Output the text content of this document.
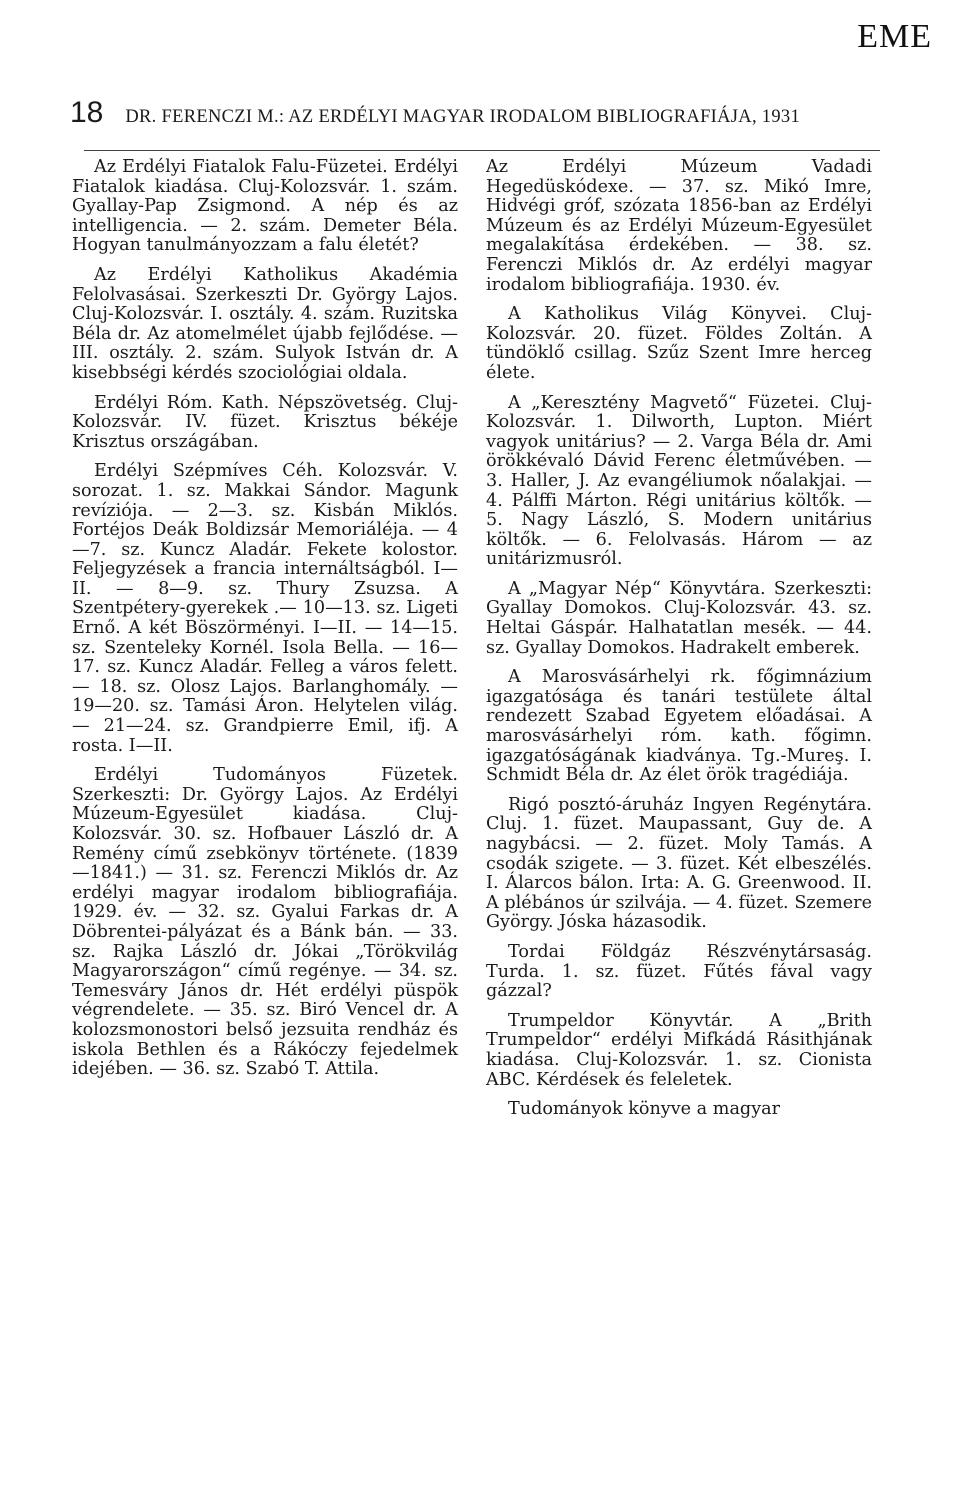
EME
18 DR. FERENCZI M.: AZ ERDÉLYI MAGYAR IRODALOM BIBLIOGRAFIÁJA, 1931

Az Erdélyi Fiatalok Falu-Füzetei. Erdélyi Fiatalok kiadása. Cluj-Kolozsvár. 1. szám. Gyallay-Pap Zsigmond. A nép és az intelligencia. — 2. szám. Demeter Béla. Hogyan tanulmányozzam a falu életét?

Az Erdélyi Katholikus Akadémia Felolvasásai. Szerkeszti Dr. György Lajos. Cluj-Kolozsvár. I. osztály. 4. szám. Ruzitska Béla dr. Az atomelmélet újabb fejlődése. — III. osztály. 2. szám. Sulyok István dr. A kisebbségi kérdés szociológiai oldala.

Erdélyi Róm. Kath. Népszövetség. Cluj-Kolozsvár. IV. füzet. Krisztus békéje Krisztus országában.

Erdélyi Szépmíves Céh. Kolozsvár. V. sorozat. 1. sz. Makkai Sándor. Magunk revíziója. — 2—3. sz. Kisbán Miklós. Fortéjos Deák Boldizsár Memoriáléja. — 4—7. sz. Kuncz Aladár. Fekete kolostor. Feljegyzések a francia internáltságból. I—II. — 8—9. sz. Thury Zsuzsa. A Szentpétery-gyerekek .— 10—13. sz. Ligeti Ernő. A két Böszörményi. I—II. — 14—15. sz. Szenteleky Kornél. Isola Bella. — 16—17. sz. Kuncz Aladár. Felleg a város felett. — 18. sz. Olosz Lajos. Barlanghomály. — 19—20. sz. Tamási Áron. Helytelen világ. — 21—24. sz. Grandpierre Emil, ifj. A rosta. I—II.

Erdélyi Tudományos Füzetek. Szerkeszti: Dr. György Lajos. Az Erdélyi Múzeum-Egyesület kiadása. Cluj-Kolozsvár. 30. sz. Hofbauer László dr. A Remény című zsebkönyv története. (1839—1841.) — 31. sz. Ferenczi Miklós dr. Az erdélyi magyar irodalom bibliografiája. 1929. év. — 32. sz. Gyalui Farkas dr. A Döbrentei-pályázat és a Bánk bán. — 33. sz. Rajka László dr. Jókai „Törökvilág Magyarországon“ című regénye. — 34. sz. Temesváry János dr. Hét erdélyi püspök végrendelete. — 35. sz. Biró Vencel dr. A kolozsmonostori belső jezsuita rendház és iskola Bethlen és a Rákóczy fejedelmek idejében. — 36. sz. Szabó T. Attila.

Az Erdélyi Múzeum Vadadi Hegedüskódexe. — 37. sz. Mikó Imre, Hidvégi gróf, szózata 1856-ban az Erdélyi Múzeum és az Erdélyi Múzeum-Egyesület megalakítása érdekében. — 38. sz. Ferenczi Miklós dr. Az erdélyi magyar irodalom bibliografiája. 1930. év.

A Katholikus Világ Könyvei. Cluj-Kolozsvár. 20. füzet. Földes Zoltán. A tündöklő csillag. Szűz Szent Imre herceg élete.

A „Keresztény Magvető“ Füzetei. Cluj-Kolozsvár. 1. Dilworth, Lupton. Miért vagyok unitárius? — 2. Varga Béla dr. Ami örökkévaló Dávid Ferenc életművében. — 3. Haller, J. Az evangéliumok nőalakjai. — 4. Pálffi Márton. Régi unitárius költők. — 5. Nagy László, S. Modern unitárius költők. — 6. Felolvasás. Három — az unitárizmusról.

A „Magyar Nép“ Könyvtára. Szerkeszti: Gyallay Domokos. Cluj-Kolozsvár. 43. sz. Heltai Gáspár. Halhatatlan mesék. — 44. sz. Gyallay Domokos. Hadrakelt emberek.

A Marosvásárhelyi rk. főgimnázium igazgatósága és tanári testülete által rendezett Szabad Egyetem előadásai. A marosvásárhelyi róm. kath. főgimn. igazgatóságának kiadványa. Tg.-Mureş. I. Schmidt Béla dr. Az élet örök tragédiája.

Rigó posztó-áruház Ingyen Regénytára. Cluj. 1. füzet. Maupassant, Guy de. A nagybácsi. — 2. füzet. Moly Tamás. A csodák szigete. — 3. füzet. Két elbeszélés. I. Álarcos bálon. Irta: A. G. Greenwood. II. A plébános úr szilvája. — 4. füzet. Szemere György. Jóska házasodik.

Tordai Földgáz Részvénytársaság. Turda. 1. sz. füzet. Fűtés fával vagy gázzal?

Trumpeldor Könyvtár. A „Brith Trumpeldor“ erdélyi Mifkádá Rásithjának kiadása. Cluj-Kolozsvár. 1. sz. Cionista ABC. Kérdések és feleletek.

Tudományok könyve a magyar
